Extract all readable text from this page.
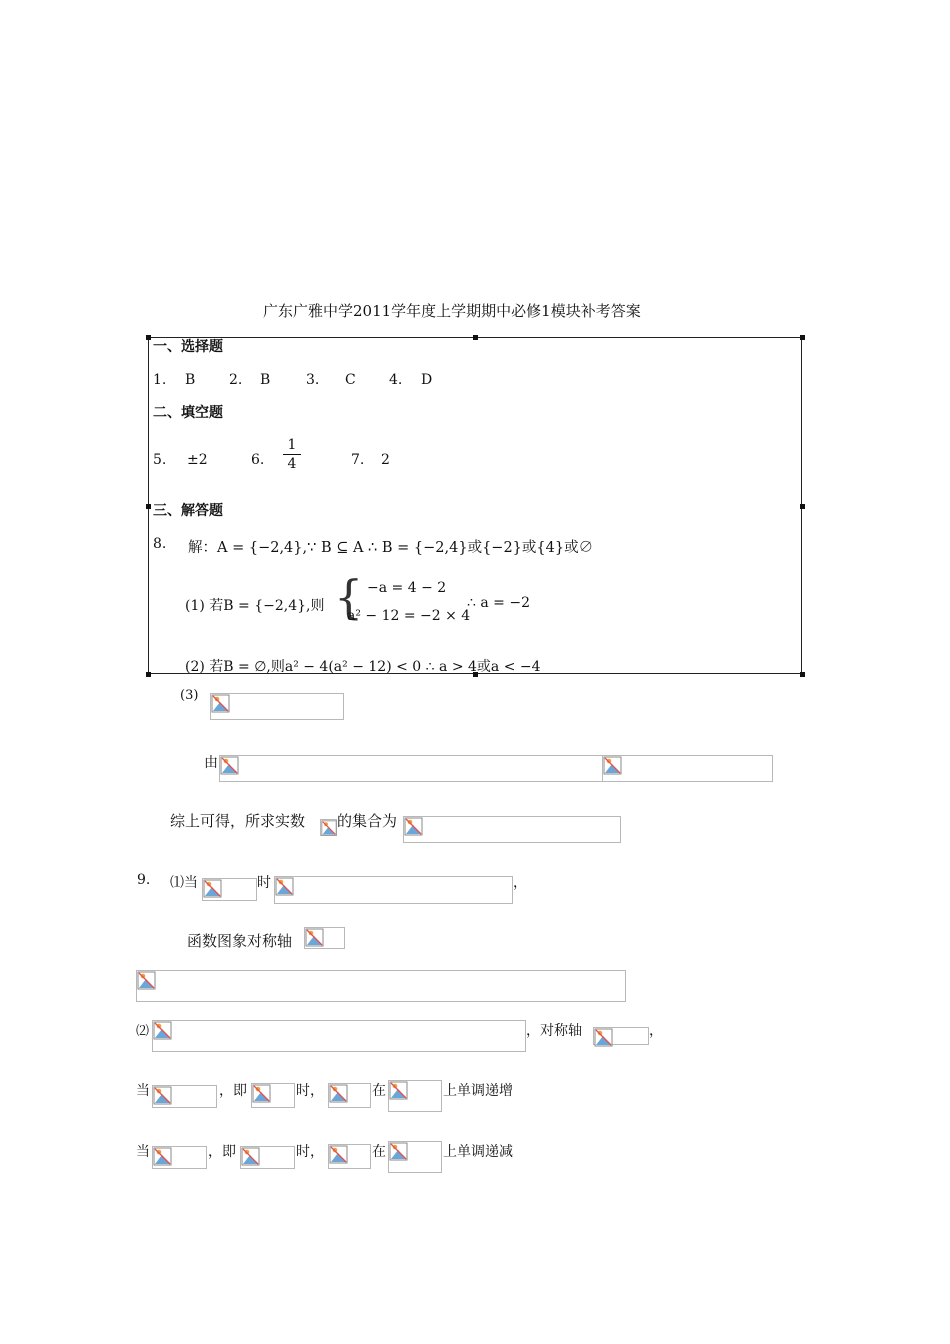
广东广雅中学2011学年度上学期期中必修1模块补考答案
一、选择题
1. B 2. B	3. C 4. D
二、填空题
5. ±2	6.
1
4	7. 2
三、解答题
8. 解：A = {−2,4},∵ B ⊆ A ∴ B = {−2,4}或{−2}或{4}或∅
(1) 若B = {−2,4},则 { −a = 4 − 2
a² − 12 = −2 × 4
∴ a = −2
(2) 若B = ∅,则a² − 4(a² − 12) < 0 ∴ a > 4或a < −4
(3)
由
综上可得，所求实数 的集合为
9. ⑴当	时	，
函数图象对称轴
⑵	，对称轴	，
当	，即	时，	在	上单调递增
当	，即	时，	在	上单调递减
